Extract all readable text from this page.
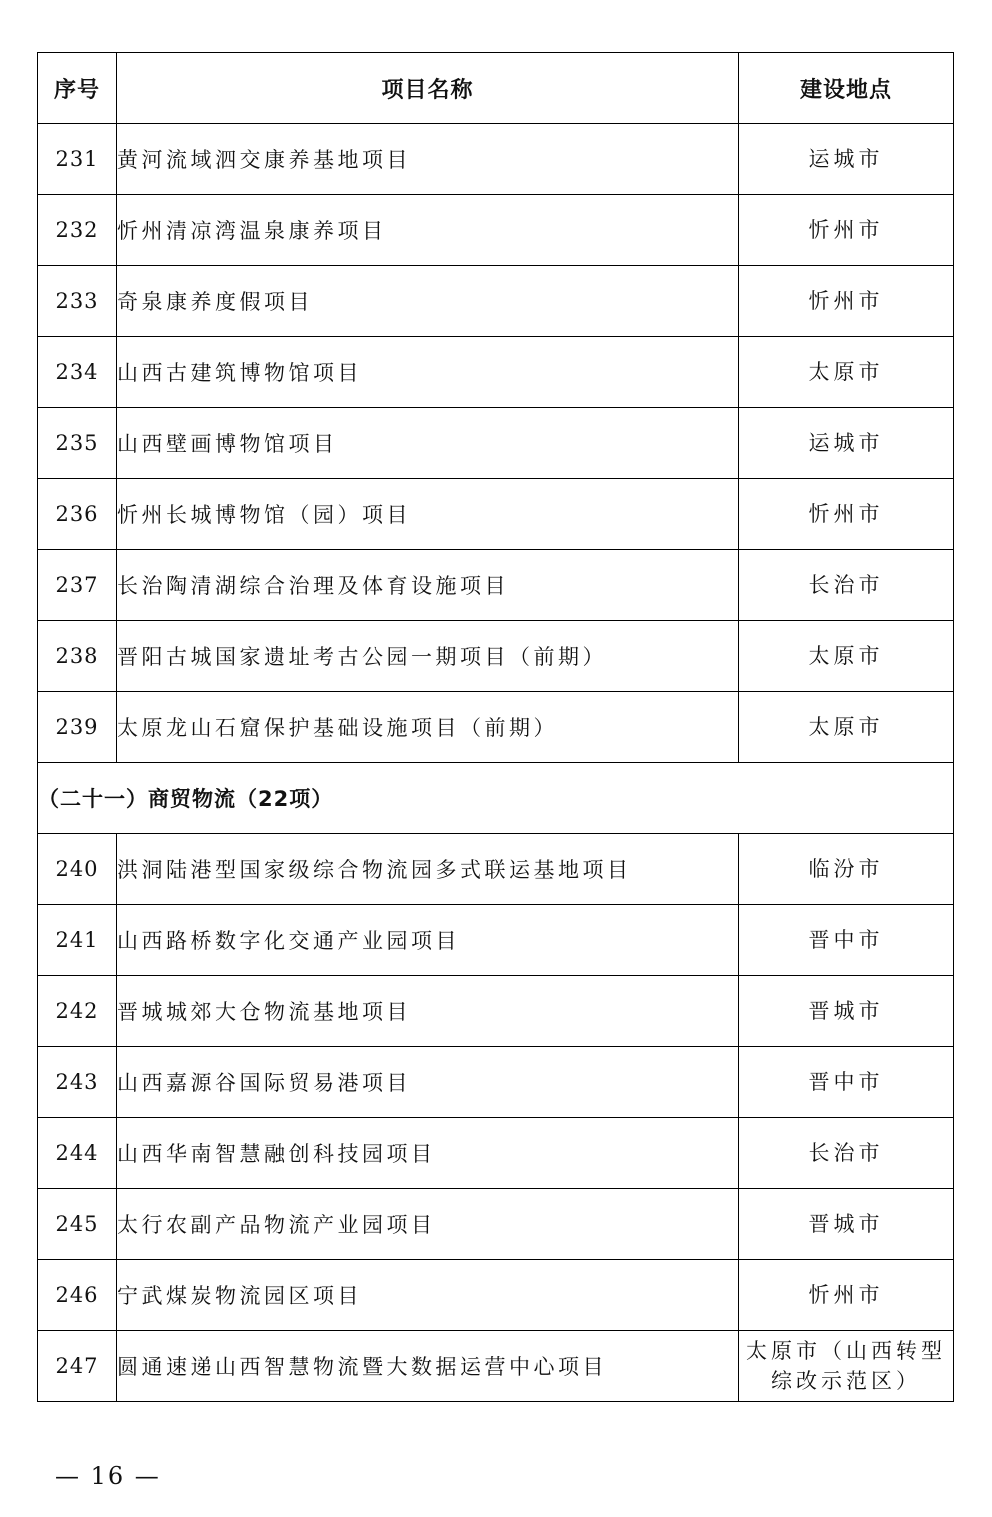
序号	项目名称	建设地点
231	黄河流域泗交康养基地项目	运城市
232	忻州清凉湾温泉康养项目	忻州市
233	奇泉康养度假项目	忻州市
234	山西古建筑博物馆项目	太原市
235	山西壁画博物馆项目	运城市
236	忻州长城博物馆（园）项目	忻州市
237	长治陶清湖综合治理及体育设施项目	长治市
238	晋阳古城国家遗址考古公园一期项目（前期）	太原市
239	太原龙山石窟保护基础设施项目（前期）	太原市
（二十一）商贸物流（22项）		
240	洪洞陆港型国家级综合物流园多式联运基地项目	临汾市
241	山西路桥数字化交通产业园项目	晋中市
242	晋城城郊大仓物流基地项目	晋城市
243	山西嘉源谷国际贸易港项目	晋中市
244	山西华南智慧融创科技园项目	长治市
245	太行农副产品物流产业园项目	晋城市
246	宁武煤炭物流园区项目	忻州市
247	圆通速递山西智慧物流暨大数据运营中心项目	太原市（山西转型综改示范区）
— 16 —
